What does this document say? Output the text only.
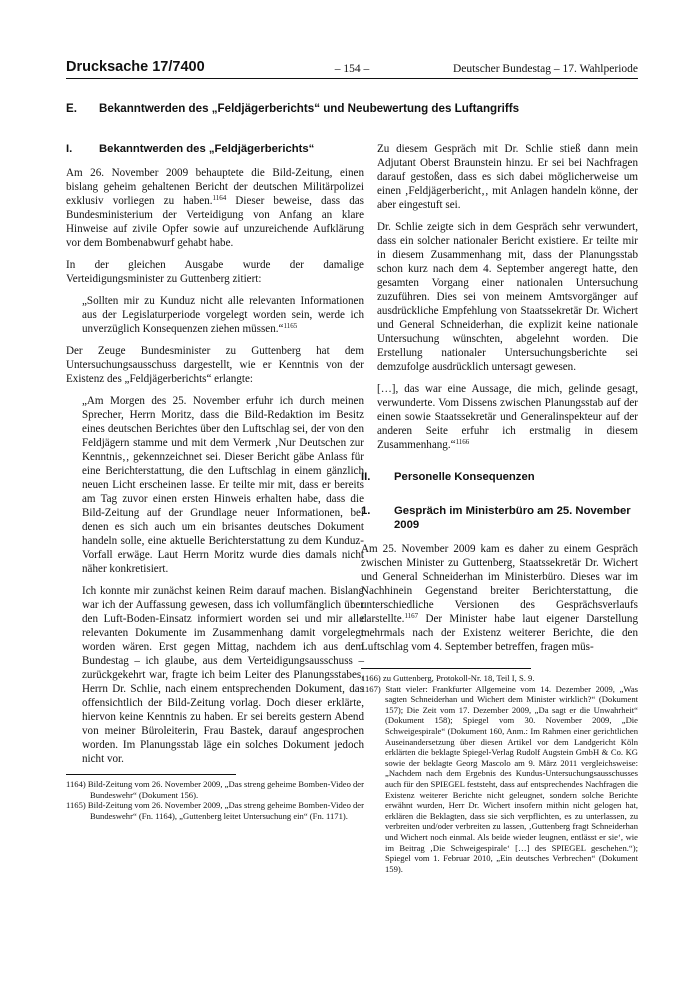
Drucksache 17/7400	– 154 –	Deutscher Bundestag – 17. Wahlperiode
E. Bekanntwerden des „Feldjägerberichts“ und Neubewertung des Luftangriffs
I.	Bekanntwerden des „Feldjägerberichts“

Am 26. November 2009 behauptete die Bild-Zeitung, einen bislang geheim gehaltenen Bericht der deutschen Militärpolizei exklusiv vorliegen zu haben.$^{1164}$ Dieser beweise, dass das Bundesministerium der Verteidigung von Anfang an klare Hinweise auf zivile Opfer sowie auf unzureichende Aufklärung vor dem Bombenabwurf gehabt habe.

In der gleichen Ausgabe wurde der damalige Verteidigungsminister zu Guttenberg zitiert:

„Sollten mir zu Kunduz nicht alle relevanten Informationen aus der Legislaturperiode vorgelegt worden sein, werde ich unverzüglich Konsequenzen ziehen müssen.“$^{1165}$

Der Zeuge Bundesminister zu Guttenberg hat dem Untersuchungsausschuss dargestellt, wie er Kenntnis von der Existenz des „Feldjägerberichts“ erlangte:

„Am Morgen des 25. November erfuhr ich durch meinen Sprecher, Herrn Moritz, dass die Bild-Redaktion im Besitz eines deutschen Berichtes über den Luftschlag sei, der von den Feldjägern stamme und mit dem Vermerk ‚Nur Deutschen zur Kenntnis‚‚ gekennzeichnet sei. Dieser Bericht gäbe Anlass für eine Berichterstattung, die den Luftschlag in einem gänzlich neuen Licht erscheinen lasse. Er teilte mir mit, dass er bereits am Tag zuvor einen ersten Hinweis erhalten habe, dass die Bild-Zeitung auf der Grundlage neuer Informationen, bei denen es sich auch um ein brisantes deutsches Dokument handeln solle, eine aktuelle Berichterstattung zu dem Kunduz-Vorfall erwäge. Laut Herrn Moritz wurde dies damals nicht näher konkretisiert.

Ich konnte mir zunächst keinen Reim darauf machen. Bislang war ich der Auffassung gewesen, dass ich vollumfänglich über den Luft-Boden-Einsatz informiert worden sei und mir alle relevanten Dokumente im Zusammenhang damit vorgelegt worden wären. Erst gegen Mittag, nachdem ich aus dem Bundestag – ich glaube, aus dem Verteidigungsausschuss – zurückgekehrt war, fragte ich beim Leiter des Planungsstabes, Herrn Dr. Schlie, nach einem entsprechenden Dokument, das offensichtlich der Bild-Zeitung vorlag. Doch dieser erklärte, hiervon keine Kenntnis zu haben. Er sei bereits gestern Abend von meiner Büroleiterin, Frau Bastek, darauf angesprochen worden. Im Planungsstab läge ein solches Dokument jedoch nicht vor.

1164) Bild-Zeitung vom 26. November 2009, „Das streng geheime Bomben-Video der Bundeswehr“ (Dokument 156).

1165) Bild-Zeitung vom 26. November 2009, „Das streng geheime Bomben-Video der Bundeswehr“ (Fn. 1164), „Guttenberg leitet Untersuchung ein“ (Fn. 1171).

Zu diesem Gespräch mit Dr. Schlie stieß dann mein Adjutant Oberst Braunstein hinzu. Er sei bei Nachfragen darauf gestoßen, dass es sich dabei möglicherweise um einen ‚Feldjägerbericht‚‚ mit Anlagen handeln könne, der aber eingestuft sei.

Dr. Schlie zeigte sich in dem Gespräch sehr verwundert, dass ein solcher nationaler Bericht existiere. Er teilte mir in diesem Zusammenhang mit, dass der Planungsstab schon kurz nach dem 4. September angeregt hatte, den gesamten Vorgang einer nationalen Untersuchung zuzuführen. Dies sei von meinem Amtsvorgänger auf ausdrückliche Empfehlung von Staatssekretär Dr. Wichert und General Schneiderhan, die explizit keine nationale Untersuchung wünschten, abgelehnt worden. Die Erstellung nationaler Untersuchungsberichte sei demzufolge ausdrücklich untersagt gewesen.

[…], das war eine Aussage, die mich, gelinde gesagt, verwunderte. Vom Dissens zwischen Planungsstab auf der einen sowie Staatssekretär und Generalinspekteur auf der anderen Seite erfuhr ich erstmalig in diesem Zusammenhang.“$^{1166}$

II.	Personelle Konsequenzen
1.	Gespräch im Ministerbüro am 25. November 2009

Am 25. November 2009 kam es daher zu einem Gespräch zwischen Minister zu Guttenberg, Staatssekretär Dr. Wichert und General Schneiderhan im Ministerbüro. Dieses war im Nachhinein Gegenstand breiter Berichterstattung, die unterschiedliche Versionen des Gesprächsverlaufs darstellte.$^{1167}$ Der Minister habe laut eigener Darstellung mehrmals nach der Existenz weiterer Berichte, die den Luftschlag vom 4. September betreffen, fragen müs-

1166) zu Guttenberg, Protokoll-Nr. 18, Teil I, S. 9.

1167) Statt vieler: Frankfurter Allgemeine vom 14. Dezember 2009, „Was sagten Schneiderhan und Wichert dem Minister wirklich?“ (Dokument 157); Die Zeit vom 17. Dezember 2009, „Da sagt er die Unwahrheit“ (Dokument 158); Spiegel vom 30. November 2009, „Die Schweigespirale“ (Dokument 160, Anm.: Im Rahmen einer gerichtlichen Auseinandersetzung über diesen Artikel vor dem Landgericht Köln erklärten die beklagte Spiegel-Verlag Rudolf Augstein GmbH & Co. KG sowie der beklagte Georg Mascolo am 9. März 2011 vergleichsweise: „Nachdem nach dem Ergebnis des Kundus-Untersuchungsausschusses auch für den SPIEGEL feststeht, dass auf entsprechendes Nachfragen die Existenz weiterer Berichte nicht geleugnet, sondern solche Berichte erwähnt wurden, Herr Dr. Wichert insofern mithin nicht gelogen hat, erklären die Beklagten, dass sie sich verpflichten, es zu unterlassen, zu verbreiten und/oder verbreiten zu lassen, ‚Guttenberg fragt Schneiderhan und Wichert noch einmal. Als beide wieder leugnen, entlässt er sie‘, wie im Beitrag ‚Die Schweigespirale‘ […] des SPIEGEL geschehen.“); Spiegel vom 1. Februar 2010, „Ein deutsches Verbrechen“ (Dokument 159).
